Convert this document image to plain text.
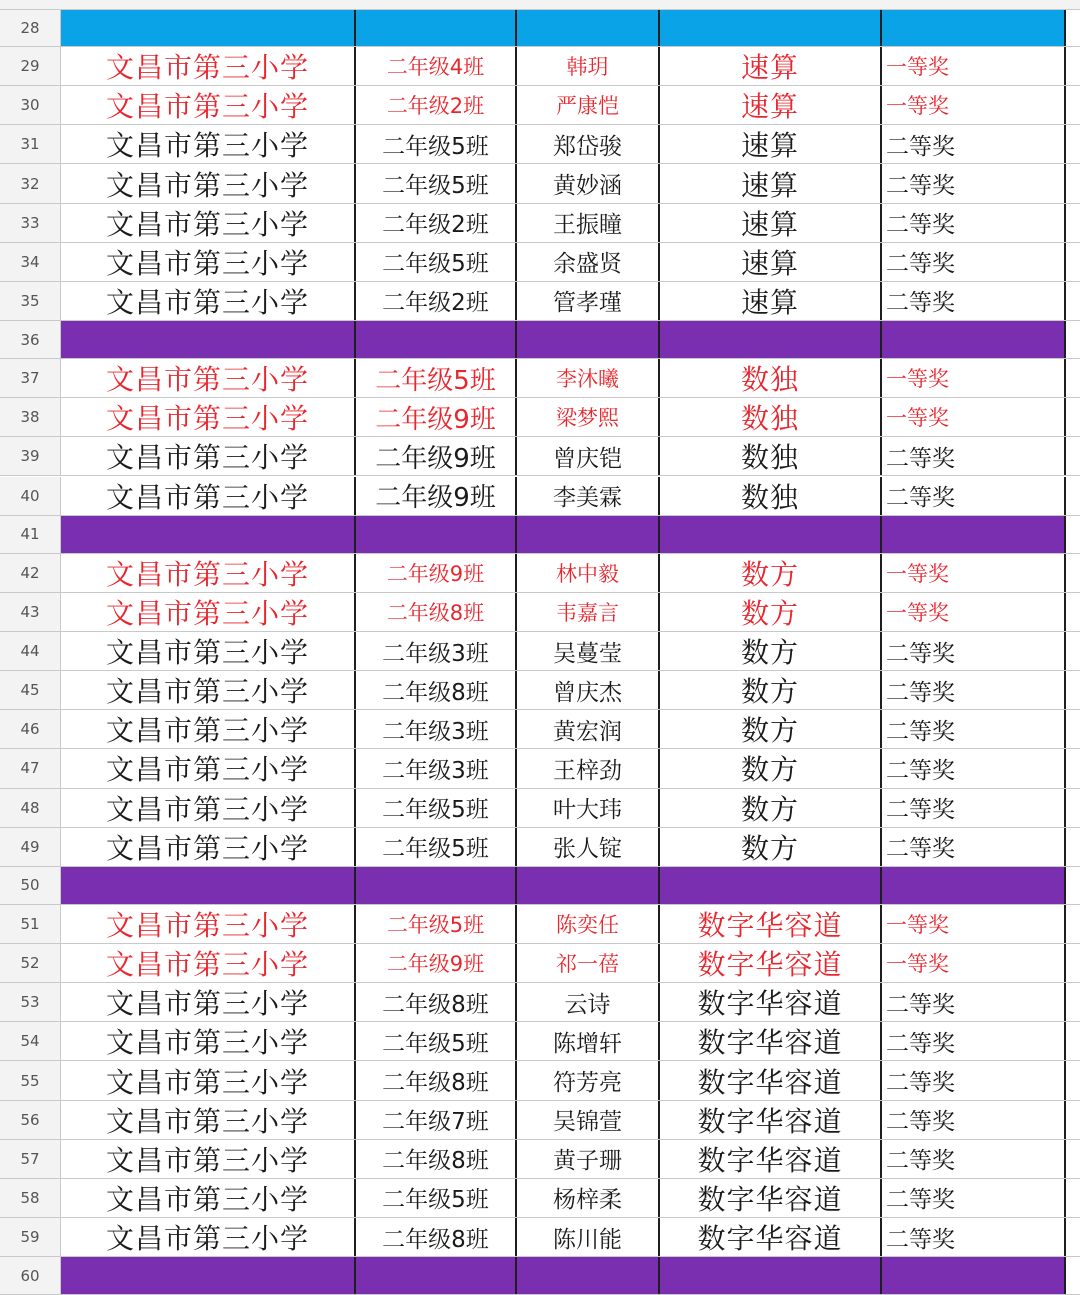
28
29	文昌市第三小学	二年级4班	韩玥	速算	一等奖
30	文昌市第三小学	二年级2班	严康恺	速算	一等奖
31	文昌市第三小学	二年级5班	郑岱骏	速算	二等奖
32	文昌市第三小学	二年级5班	黄妙涵	速算	二等奖
33	文昌市第三小学	二年级2班	王振瞳	速算	二等奖
34	文昌市第三小学	二年级5班	余盛贤	速算	二等奖
35	文昌市第三小学	二年级2班	管孝瑾	速算	二等奖
36
37	文昌市第三小学	二年级5班	李沐曦	数独	一等奖
38	文昌市第三小学	二年级9班	梁梦熙	数独	一等奖
39	文昌市第三小学	二年级9班	曾庆铠	数独	二等奖
40	文昌市第三小学	二年级9班	李美霖	数独	二等奖
41
42	文昌市第三小学	二年级9班	林中毅	数方	一等奖
43	文昌市第三小学	二年级8班	韦嘉言	数方	一等奖
44	文昌市第三小学	二年级3班	吴蔓莹	数方	二等奖
45	文昌市第三小学	二年级8班	曾庆杰	数方	二等奖
46	文昌市第三小学	二年级3班	黄宏润	数方	二等奖
47	文昌市第三小学	二年级3班	王梓劲	数方	二等奖
48	文昌市第三小学	二年级5班	叶大玮	数方	二等奖
49	文昌市第三小学	二年级5班	张人锭	数方	二等奖
50
51	文昌市第三小学	二年级5班	陈奕任	数字华容道	一等奖
52	文昌市第三小学	二年级9班	祁一蓓	数字华容道	一等奖
53	文昌市第三小学	二年级8班	云诗	数字华容道	二等奖
54	文昌市第三小学	二年级5班	陈增轩	数字华容道	二等奖
55	文昌市第三小学	二年级8班	符芳亮	数字华容道	二等奖
56	文昌市第三小学	二年级7班	吴锦萱	数字华容道	二等奖
57	文昌市第三小学	二年级8班	黄子珊	数字华容道	二等奖
58	文昌市第三小学	二年级5班	杨梓柔	数字华容道	二等奖
59	文昌市第三小学	二年级8班	陈川能	数字华容道	二等奖
60
